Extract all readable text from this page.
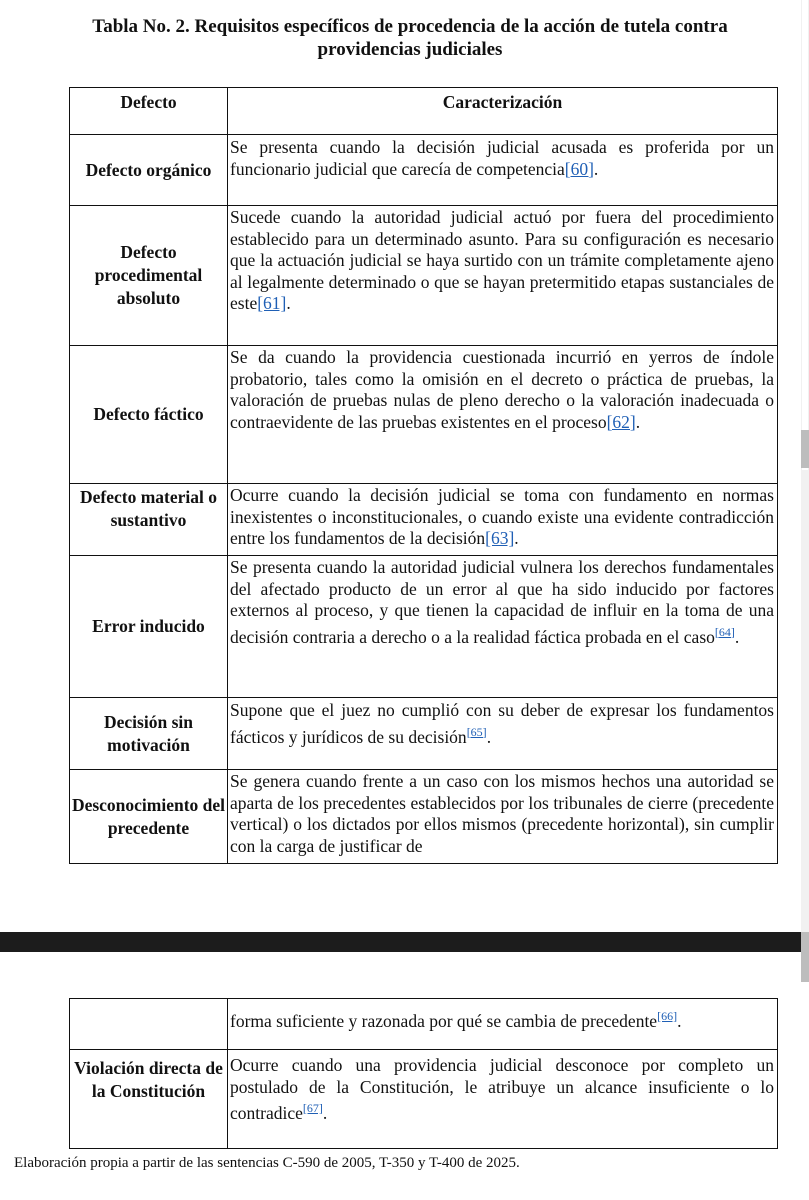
Tabla No. 2. Requisitos específicos de procedencia de la acción de tutela contra providencias judiciales
Defecto	Caracterización
Defecto orgánico	Se presenta cuando la decisión judicial acusada es proferida por un funcionario judicial que carecía de competencia[60].
Defecto procedimental absoluto	Sucede cuando la autoridad judicial actuó por fuera del procedimiento establecido para un determinado asunto. Para su configuración es necesario que la actuación judicial se haya surtido con un trámite completamente ajeno al legalmente determinado o que se hayan pretermitido etapas sustanciales de este[61].
Defecto fáctico	Se da cuando la providencia cuestionada incurrió en yerros de índole probatorio, tales como la omisión en el decreto o práctica de pruebas, la valoración de pruebas nulas de pleno derecho o la valoración inadecuada o contraevidente de las pruebas existentes en el proceso[62].
Defecto material o sustantivo	Ocurre cuando la decisión judicial se toma con fundamento en normas inexistentes o inconstitucionales, o cuando existe una evidente contradicción entre los fundamentos de la decisión[63].
Error inducido	Se presenta cuando la autoridad judicial vulnera los derechos fundamentales del afectado producto de un error al que ha sido inducido por factores externos al proceso, y que tienen la capacidad de influir en la toma de una decisión contraria a derecho o a la realidad fáctica probada en el caso[64].
Decisión sin motivación	Supone que el juez no cumplió con su deber de expresar los fundamentos fácticos y jurídicos de su decisión[65].
Desconocimiento del precedente	Se genera cuando frente a un caso con los mismos hechos una autoridad se aparta de los precedentes establecidos por los tribunales de cierre (precedente vertical) o los dictados por ellos mismos (precedente horizontal), sin cumplir con la carga de justificar de
	forma suficiente y razonada por qué se cambia de precedente[66].
Violación directa de la Constitución	Ocurre cuando una providencia judicial desconoce por completo un postulado de la Constitución, le atribuye un alcance insuficiente o lo contradice[67].
Elaboración propia a partir de las sentencias C-590 de 2005, T-350 y T-400 de 2025.
